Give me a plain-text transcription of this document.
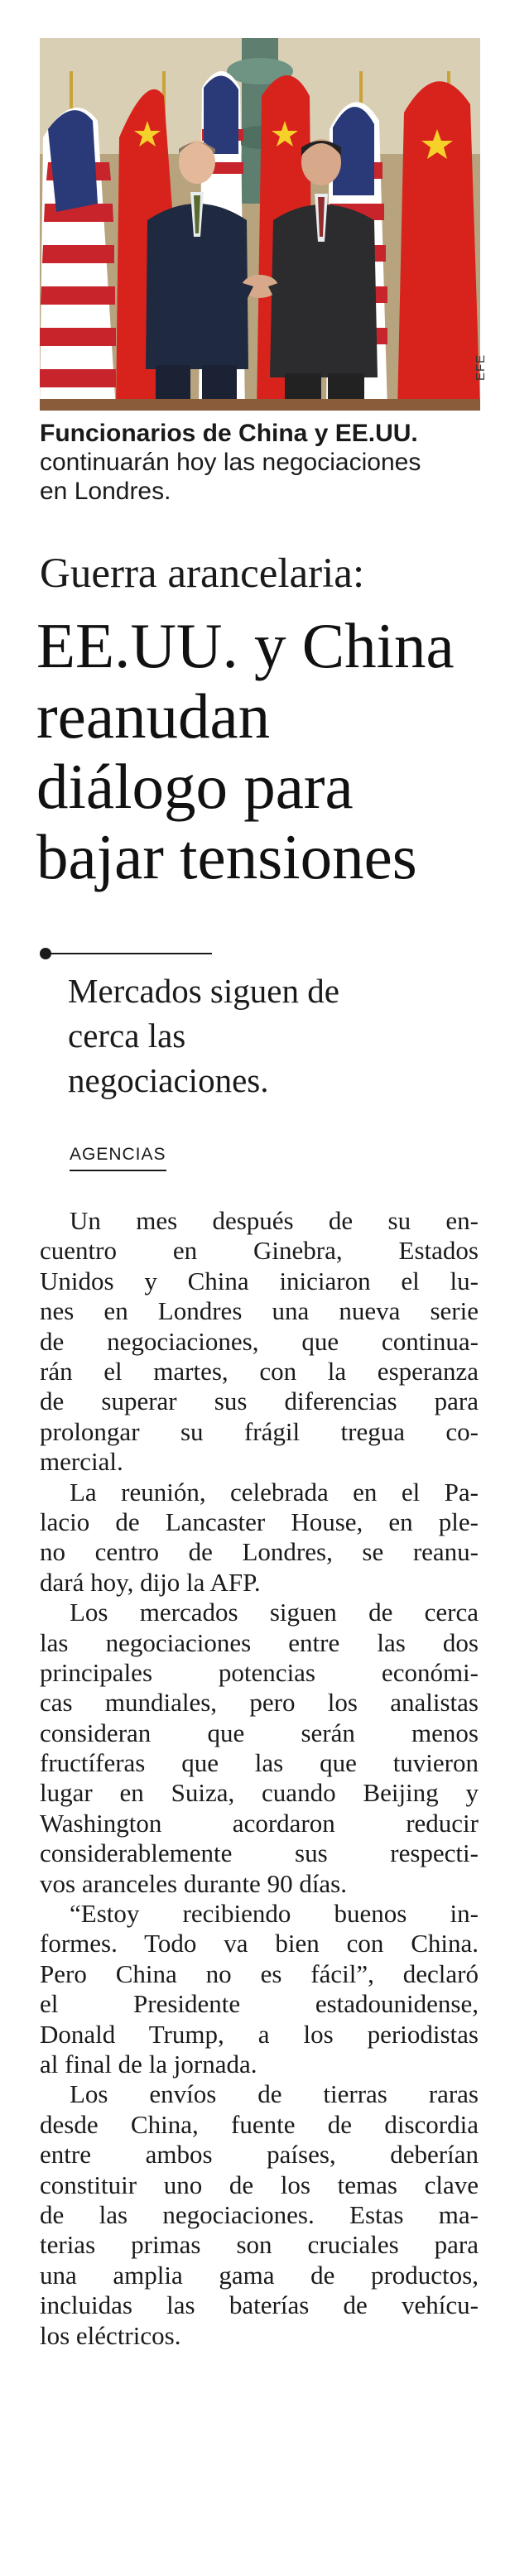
EFE
Funcionarios de China y EE.UU.
continuarán hoy las negociaciones
en Londres.
Guerra arancelaria:
EE.UU. y China
reanudan
diálogo para
bajar tensiones
Mercados siguen de
cerca las
negociaciones.
AGENCIAS
Un mes después de su en-
cuentro en Ginebra, Estados
Unidos y China iniciaron el lu-
nes en Londres una nueva serie
de negociaciones, que continua-
rán el martes, con la esperanza
de superar sus diferencias para
prolongar su frágil tregua co-
mercial.
La reunión, celebrada en el Pa-
lacio de Lancaster House, en ple-
no centro de Londres, se reanu-
dará hoy, dijo la AFP.
Los mercados siguen de cerca
las negociaciones entre las dos
principales potencias económi-
cas mundiales, pero los analistas
consideran que serán menos
fructíferas que las que tuvieron
lugar en Suiza, cuando Beijing y
Washington acordaron reducir
considerablemente sus respecti-
vos aranceles durante 90 días.
“Estoy recibiendo buenos in-
formes. Todo va bien con China.
Pero China no es fácil”, declaró
el Presidente estadounidense,
Donald Trump, a los periodistas
al final de la jornada.
Los envíos de tierras raras
desde China, fuente de discordia
entre ambos países, deberían
constituir uno de los temas clave
de las negociaciones. Estas ma-
terias primas son cruciales para
una amplia gama de productos,
incluidas las baterías de vehícu-
los eléctricos.
